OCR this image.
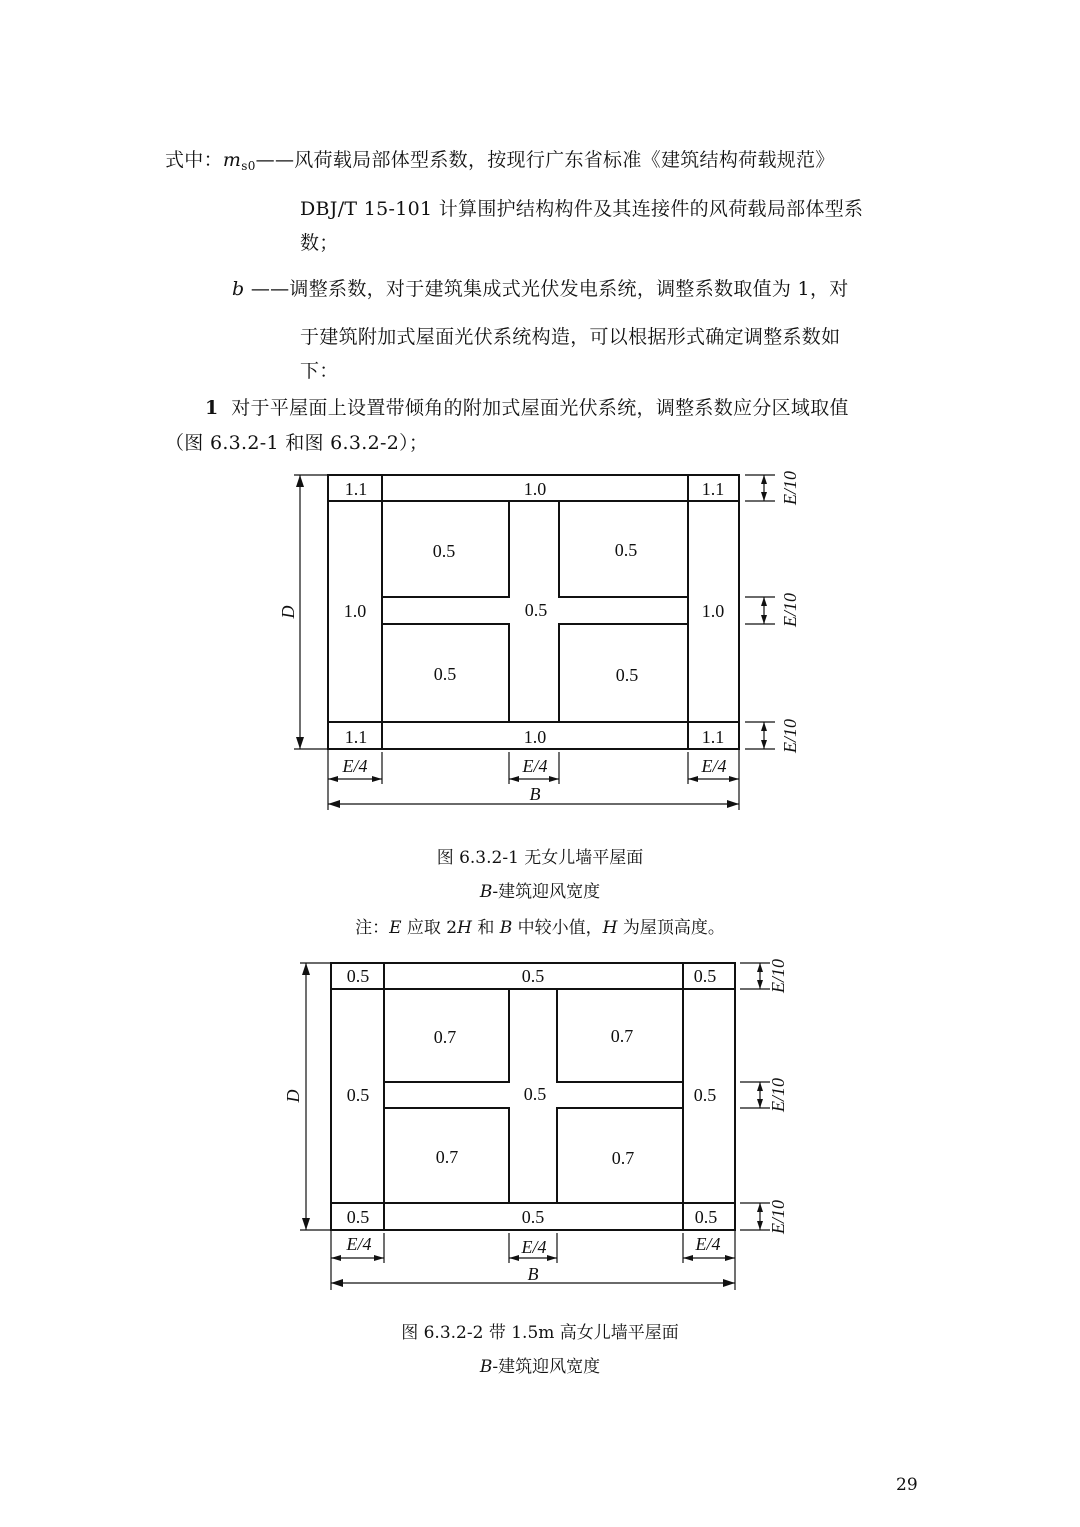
式中：$m_{s0}——$风荷载局部体型系数，按现行广东省标准《建筑结构荷载规范》
DBJ/T 15-101 计算围护结构构件及其连接件的风荷载局部体型系
数；
b ——调整系数，对于建筑集成式光伏发电系统，调整系数取值为 1，对
于建筑附加式屋面光伏系统构造，可以根据形式确定调整系数如
下：
1 对于平屋面上设置带倾角的附加式屋面光伏系统，调整系数应分区域取值
（图 6.3.2-1 和图 6.3.2-2）；
1.1	1.0	1.1
1.0	1.0
0.5	0.5
0.5
0.5	0.5
1.1	1.0	1.1
D
B
E/4	E/4	E/4
E/10
E/10
E/10
图 6.3.2-1 无女儿墙平屋面
B-建筑迎风宽度
注：E 应取 2H 和 B 中较小值，H 为屋顶高度。
0.5	0.5	0.5
0.5	0.5
0.7	0.7
0.5
0.7	0.7
0.5	0.5	0.5
D
B
E/4	E/4	E/4
E/10
E/10
E/10
图 6.3.2-2 带 1.5m 高女儿墙平屋面
B-建筑迎风宽度
29
